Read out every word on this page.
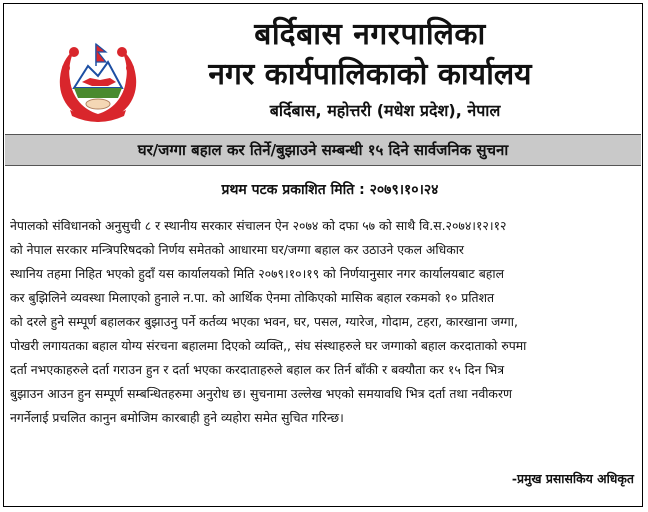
बर्दिबास नगरपालिका
नगर कार्यपालिकाको कार्यालय
बर्दिबास, महोत्तरी (मधेश प्रदेश), नेपाल
घर/जग्गा बहाल कर तिर्ने/बुझाउने सम्बन्धी १५ दिने सार्वजनिक सुचना
प्रथम पटक प्रकाशित मिति : २०७९।१०।२४
नेपालको संविधानको अनुसुची ८ र स्थानीय सरकार संचालन ऐन २०७४ को दफा ५७ को साथै वि.स.२०७४।१२।१२
को नेपाल सरकार मन्त्रिपरिषदको निर्णय समेतको आधारमा घर/जग्गा बहाल कर उठाउने एकल अधिकार
स्थानिय तहमा निहित भएको हुदाँ यस कार्यालयको मिति २०७९।१०।१९ को निर्णयानुसार नगर कार्यालयबाट बहाल
कर बुझिलिने व्यवस्था मिलाएको हुनाले न.पा. को आर्थिक ऐनमा तोकिएको मासिक बहाल रकमको १० प्रतिशत
को दरले हुने सम्पूर्ण बहालकर बुझाउनु पर्ने कर्तव्य भएका भवन, घर, पसल, ग्यारेज, गोदाम, टहरा, कारखाना जग्गा,
पोखरी लगायतका बहाल योग्य संरचना बहालमा दिएको व्यक्ति,, संघ संस्थाहरुले घर जग्गाको बहाल करदाताको रुपमा
दर्ता नभएकाहरुले दर्ता गराउन हुन र दर्ता भएका करदाताहरुले बहाल कर तिर्न बाँकी र बक्यौता कर १५ दिन भित्र
बुझाउन आउन हुन सम्पूर्ण सम्बन्धितहरुमा अनुरोध छ। सुचनामा उल्लेख भएको समयावधि भित्र दर्ता तथा नवीकरण
नगर्नेलाई प्रचलित कानुन बमोजिम कारबाही हुने व्यहोरा समेत सुचित गरिन्छ।
-प्रमुख प्रसासकिय अधिकृत
